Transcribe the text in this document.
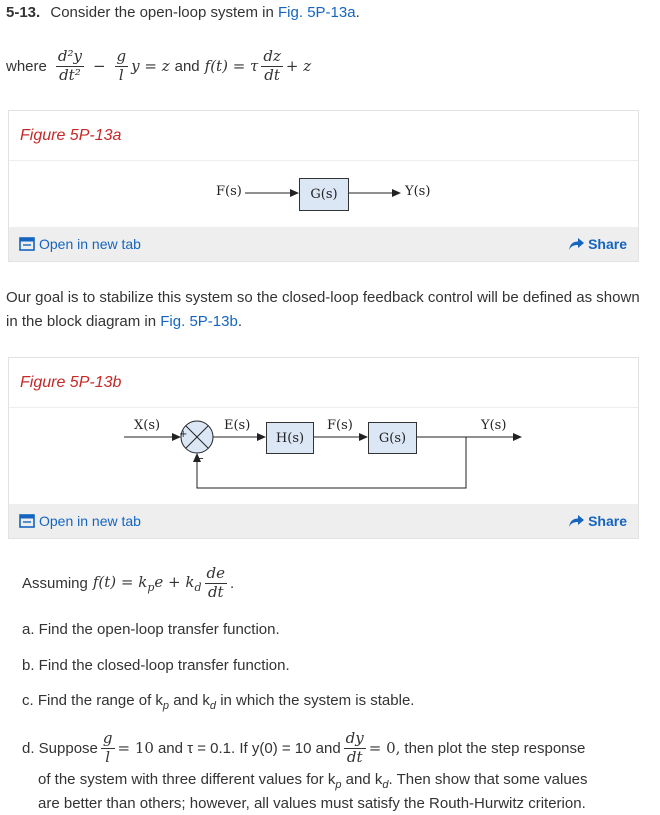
5-13. Consider the open-loop system in Fig. 5P-13a.
where $\frac{\text{d²y}}{\text{dt²}} - \frac{g}{l}$ y = z and f(t) = τ $\frac{dz}{dt} + z$
Figure 5P-13a
F(s)	G(s)	Y(s)
Open in new tab	Share
Our goal is to stabilize this system so the closed-loop feedback control will be defined as shown in the block diagram in Fig. 5P-13b.
Figure 5P-13b
X(s)
+
−
E(s)
H(s)
F(s)
G(s)
Y(s)
Open in new tab	Share
Assuming $f(t) = k_pe + k_d \frac{de}{dt}$ .
a. Find the open-loop transfer function.
b. Find the closed-loop transfer function.
c. Find the range of $k_p$ and $k_d$ in which the system is stable.
d. Suppose $\frac{g}{l} = 10$ and τ = 0.1. If y(0) = 10 and $\frac{dy}{dt} = 0$, then plot the step response
of the system with three different values for $k_p$ and $k_d$. Then show that some values
are better than others; however, all values must satisfy the Routh-Hurwitz criterion.
